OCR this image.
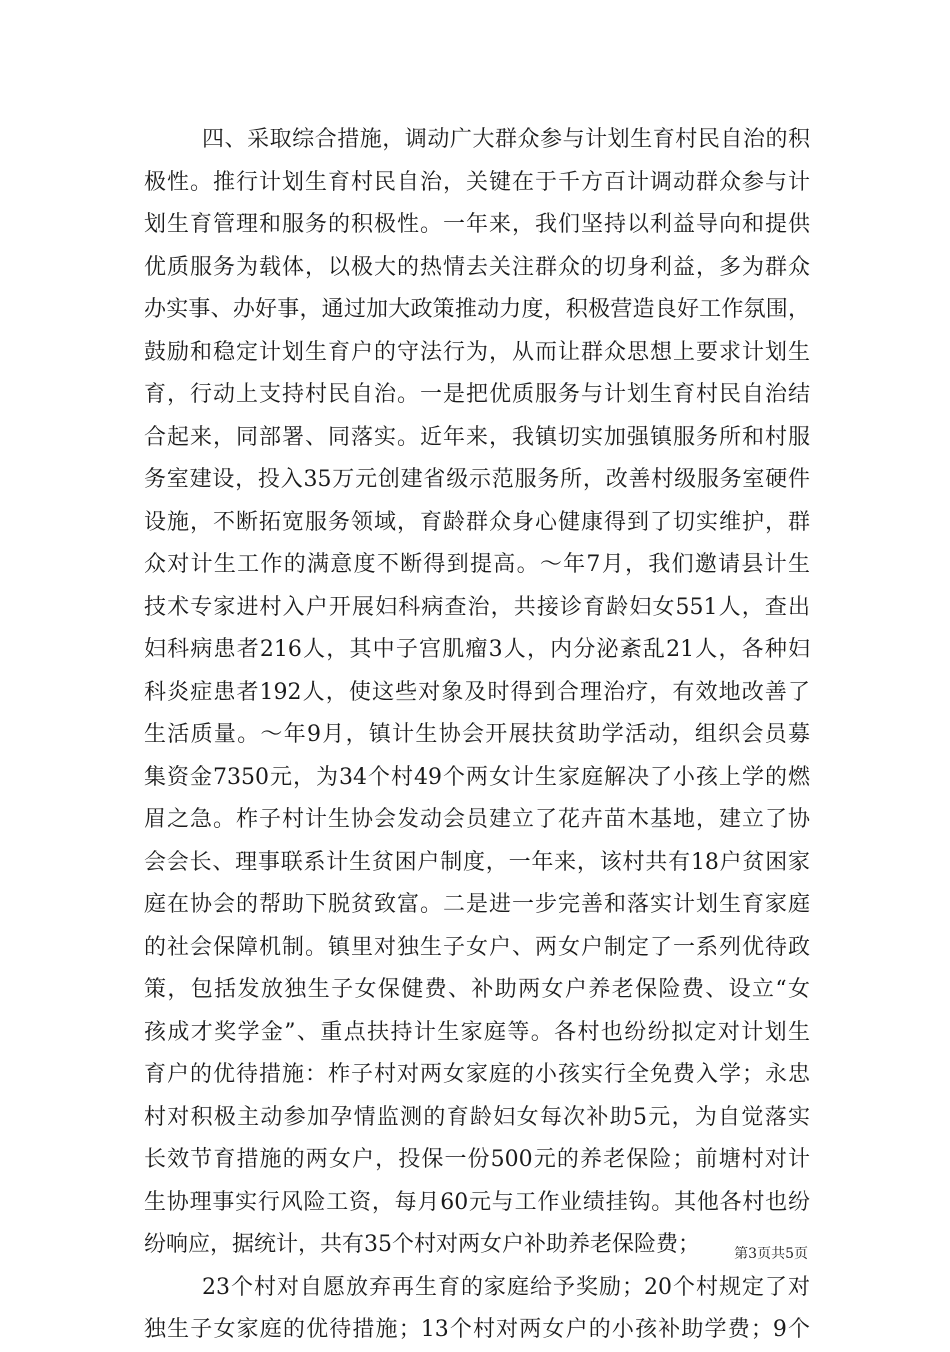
四、采取综合措施，调动广大群众参与计划生育村民自治的积
极性。推行计划生育村民自治，关键在于千方百计调动群众参与计
划生育管理和服务的积极性。一年来，我们坚持以利益导向和提供
优质服务为载体，以极大的热情去关注群众的切身利益，多为群众
办实事、办好事，通过加大政策推动力度，积极营造良好工作氛围，
鼓励和稳定计划生育户的守法行为，从而让群众思想上要求计划生
育，行动上支持村民自治。一是把优质服务与计划生育村民自治结
合起来，同部署、同落实。近年来，我镇切实加强镇服务所和村服
务室建设，投入35万元创建省级示范服务所，改善村级服务室硬件
设施，不断拓宽服务领域，育龄群众身心健康得到了切实维护，群
众对计生工作的满意度不断得到提高。～年7月，我们邀请县计生
技术专家进村入户开展妇科病查治，共接诊育龄妇女551人，查出
妇科病患者216人，其中子宫肌瘤3人，内分泌紊乱21人，各种妇
科炎症患者192人，使这些对象及时得到合理治疗，有效地改善了
生活质量。～年9月，镇计生协会开展扶贫助学活动，组织会员募
集资金7350元，为34个村49个两女计生家庭解决了小孩上学的燃
眉之急。柞子村计生协会发动会员建立了花卉苗木基地，建立了协
会会长、理事联系计生贫困户制度，一年来，该村共有18户贫困家
庭在协会的帮助下脱贫致富。二是进一步完善和落实计划生育家庭
的社会保障机制。镇里对独生子女户、两女户制定了一系列优待政
策，包括发放独生子女保健费、补助两女户养老保险费、设立“女
孩成才奖学金”、重点扶持计生家庭等。各村也纷纷拟定对计划生
育户的优待措施：柞子村对两女家庭的小孩实行全免费入学；永忠
村对积极主动参加孕情监测的育龄妇女每次补助5元，为自觉落实
长效节育措施的两女户，投保一份500元的养老保险；前塘村对计
生协理事实行风险工资，每月60元与工作业绩挂钩。其他各村也纷
纷响应，据统计，共有35个村对两女户补助养老保险费；
23个村对自愿放弃再生育的家庭给予奖励；20个村规定了对
独生子女家庭的优待措施；13个村对两女户的小孩补助学费；9个
第3页共5页
